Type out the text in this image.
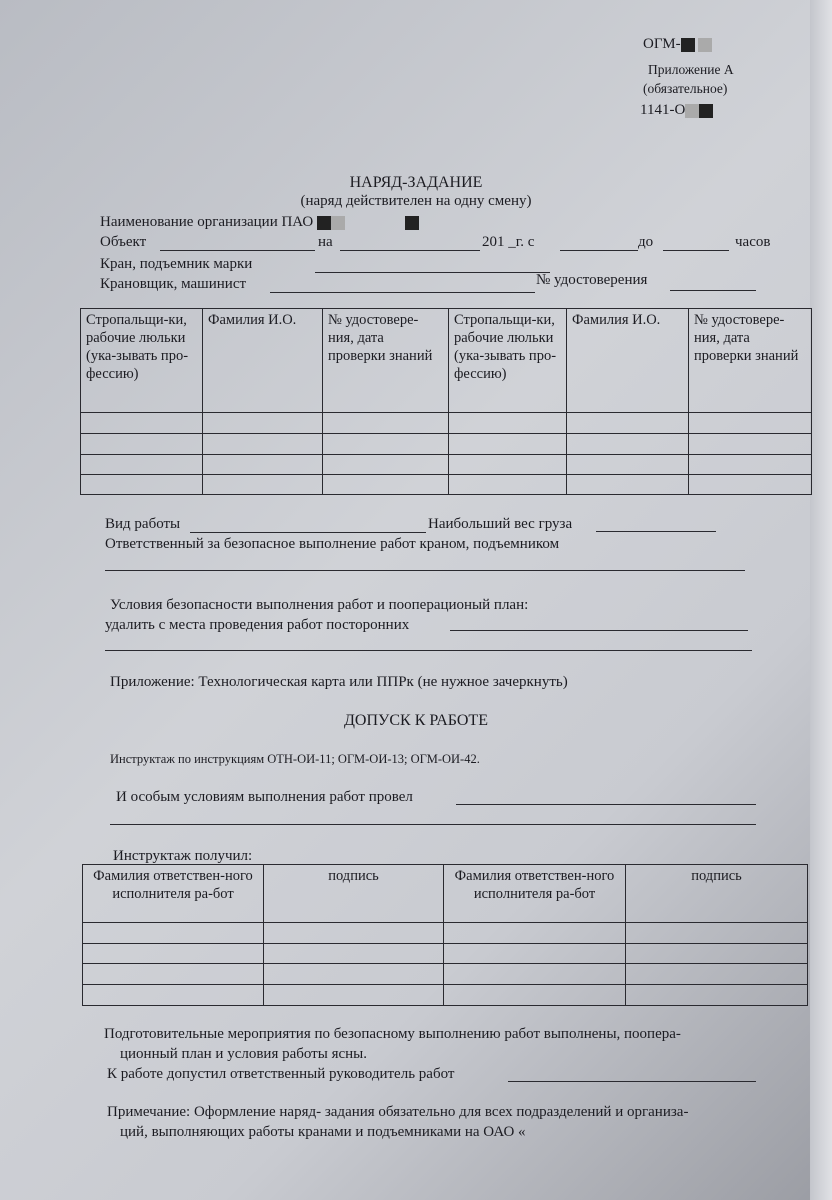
ОГМ-
Приложение А
(обязательное)
1141-О
НАРЯД-ЗАДАНИЕ
(наряд действителен на одну смену)
Наименование организации ПАО
Объект	на	201 _г. с	до	часов
Кран, подъемник марки
Крановщик, машинист	№ удостоверения
Стропальщи-ки, рабочие люльки (ука-зывать про-фессию)	Фамилия И.О.	№ удостовере-ния, дата проверки знаний	Стропальщи-ки, рабочие люльки (ука-зывать про-фессию)	Фамилия И.О.	№ удостовере-ния, дата проверки знаний

Вид работы	Наибольший вес груза
Ответственный за безопасное выполнение работ краном, подъемником
Условия безопасности выполнения работ и пооперационый план:
удалить с места проведения работ посторонних
Приложение: Технологическая карта или ППРк (не нужное зачеркнуть)
ДОПУСК К РАБОТЕ
Инструктаж по инструкциям ОТН-ОИ-11; ОГМ-ОИ-13; ОГМ-ОИ-42.
И особым условиям выполнения работ провел
Инструктаж получил:
Фамилия ответствен-ного исполнителя ра-бот	подпись	Фамилия ответствен-ного исполнителя ра-бот	подпись

Подготовительные мероприятия по безопасному выполнению работ выполнены, поопера-
ционный план и условия работы ясны.
К работе допустил ответственный руководитель работ
Примечание: Оформление наряд- задания обязательно для всех подразделений и организа-
ций, выполняющих работы кранами и подъемниками на ОАО «
